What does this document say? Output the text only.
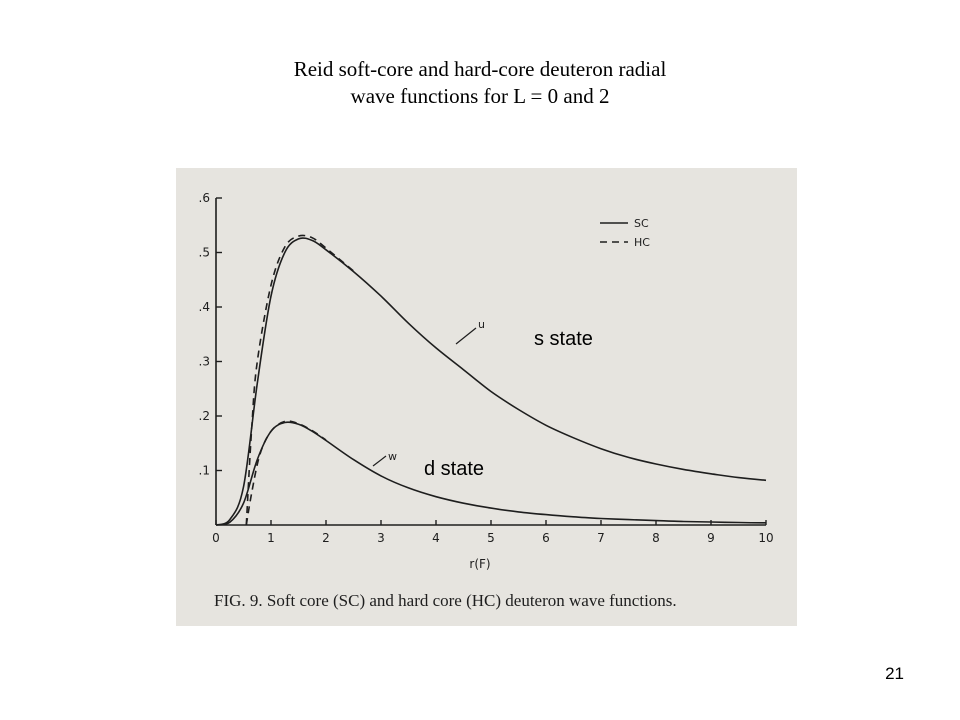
Reid soft-core and hard-core deuteron radial
wave functions for L = 0 and 2
0	1	2	3	4	5	6	7	8	9	10
.1
.2
.3
.4
.5
.6
r(F)
SC
HC
u
w
s state
d state
FIG. 9. Soft core (SC) and hard core (HC) deuteron wave functions.
21
